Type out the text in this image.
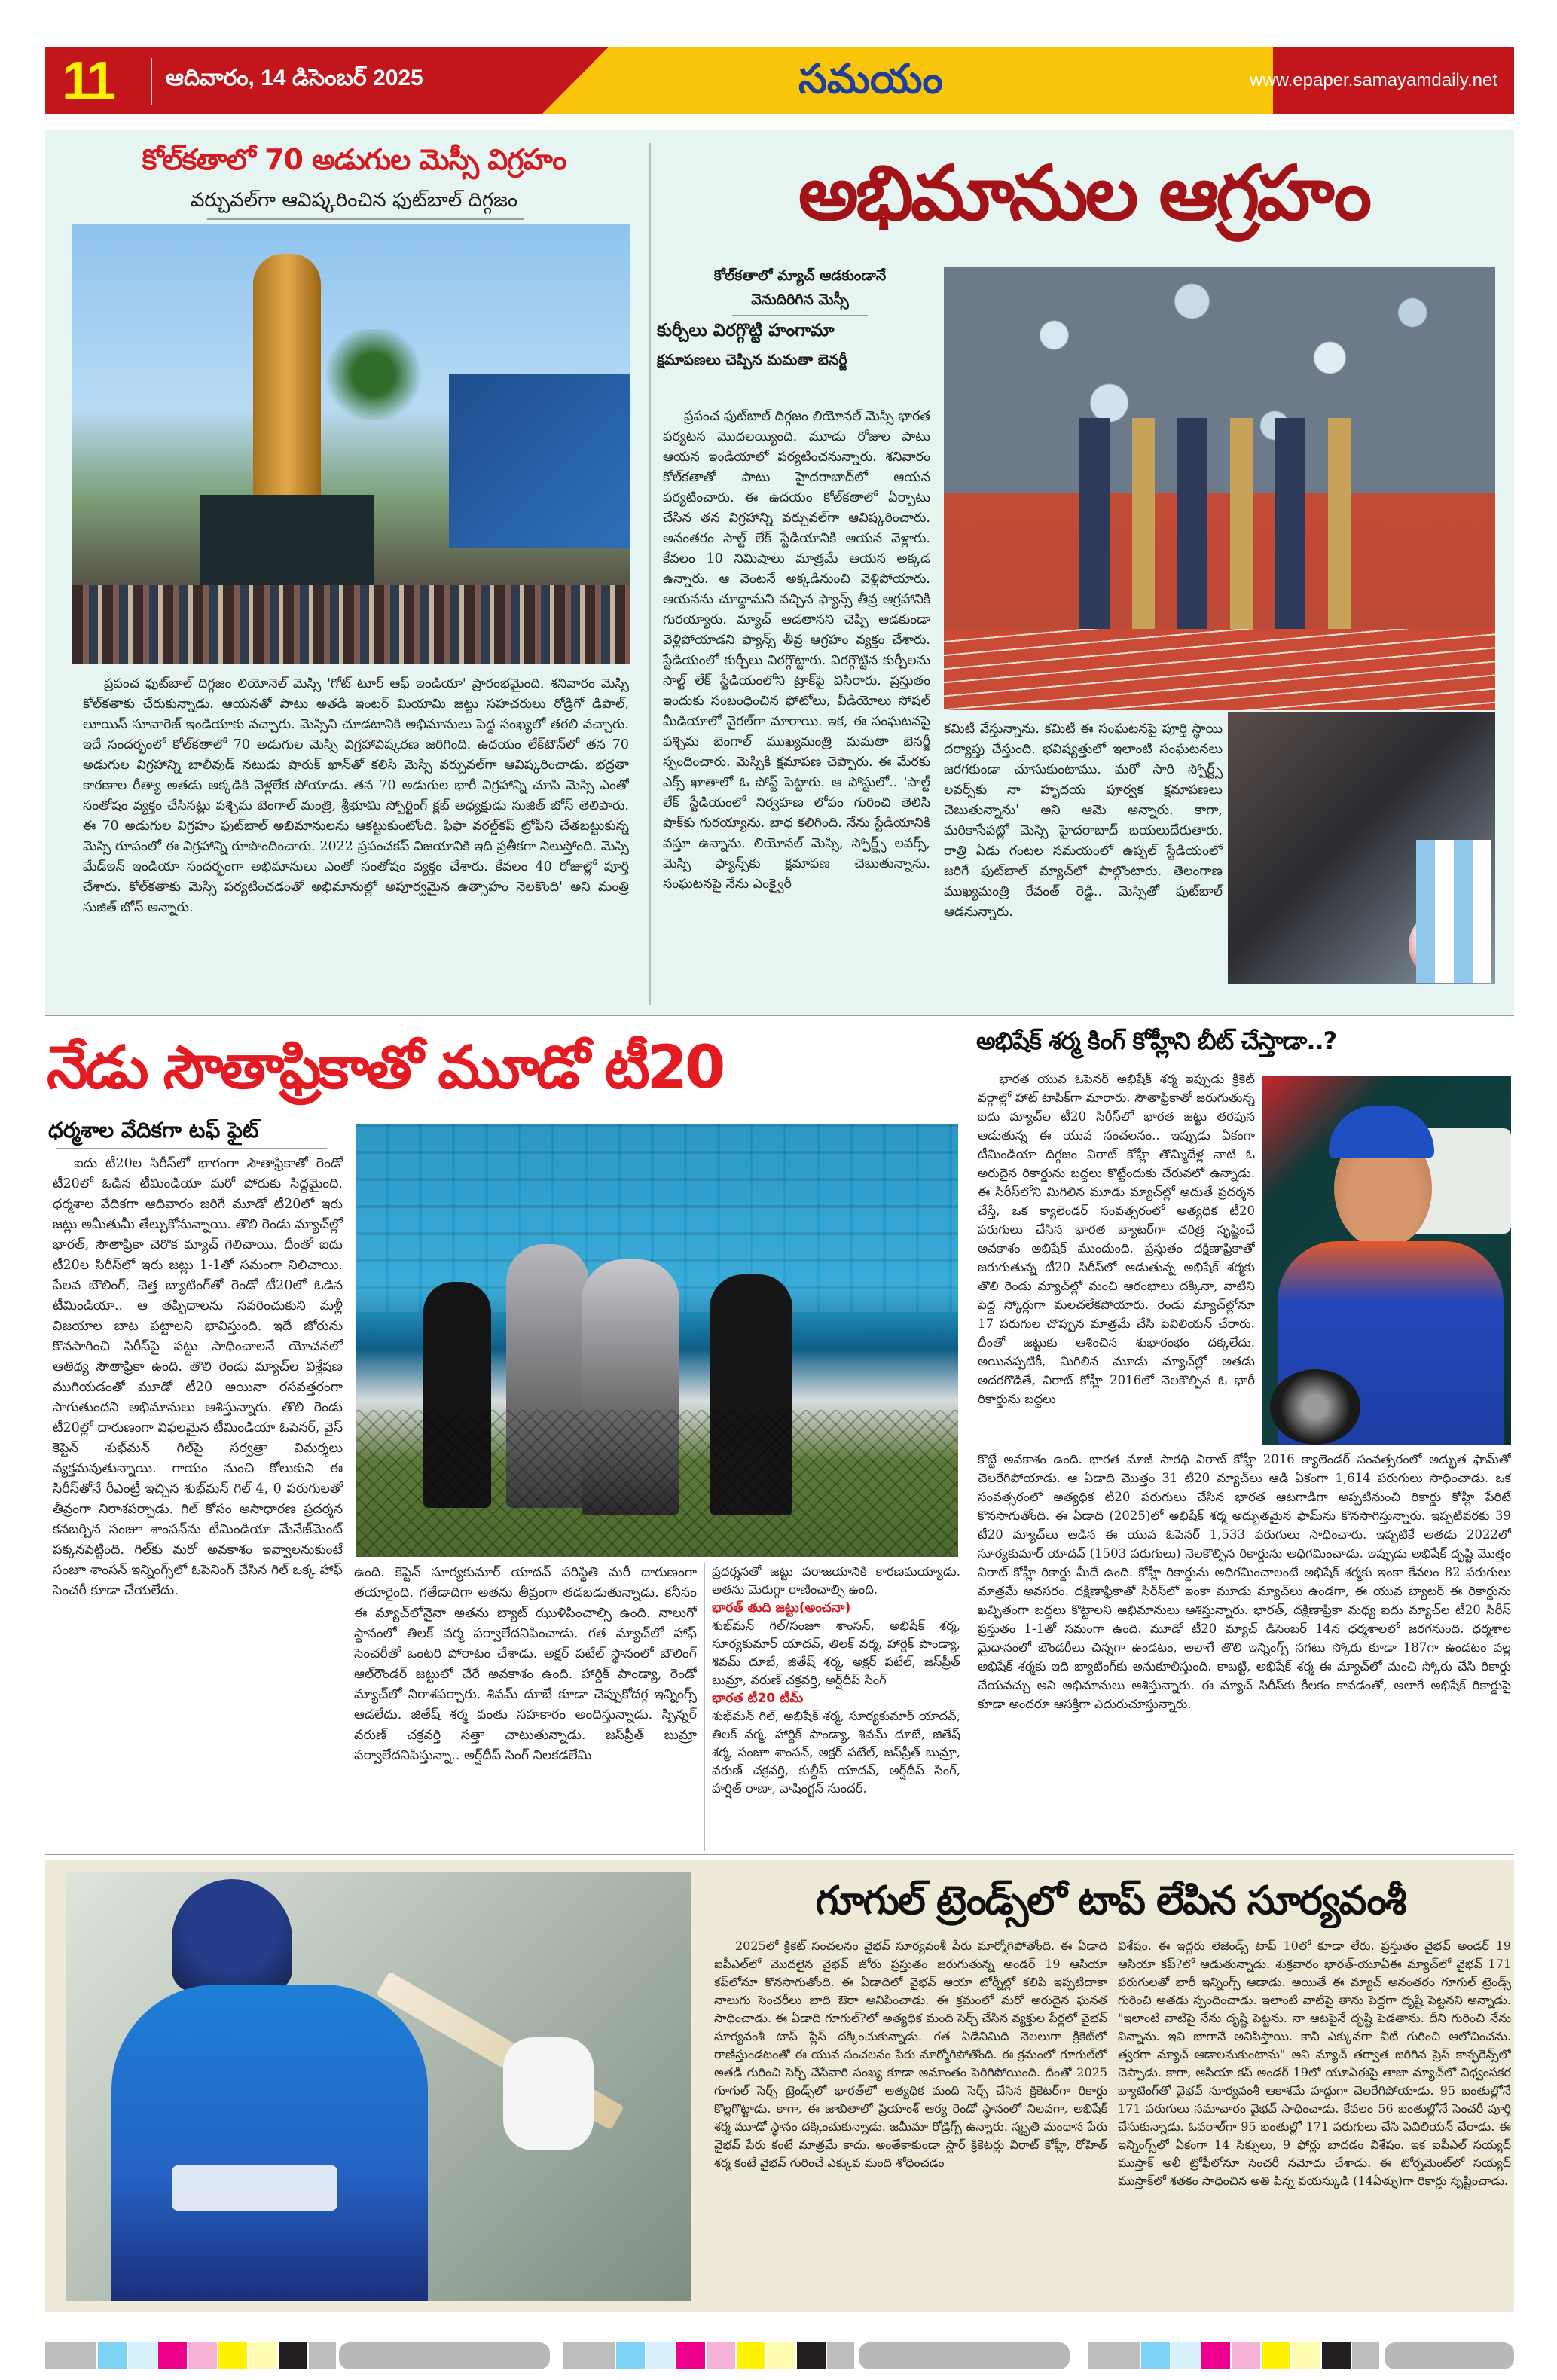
11 ఆదివారం, 14 డిసెంబర్ 2025	సమయం	www.epaper.samayamdaily.net
కోల్‌కతాలో 70 అడుగుల మెస్సీ విగ్రహం
వర్చువల్‌గా ఆవిష్కరించిన ఫుట్‌బాల్ దిగ్గజం

ప్రపంచ ఫుట్‌బాల్ దిగ్గజం లియోనెల్ మెస్సి 'గోట్ టూర్ ఆఫ్ ఇండియా' ప్రారంభమైంది. శనివారం మెస్సి కోల్‌కతాకు చేరుకున్నాడు. ఆయనతో పాటు అతడి ఇంటర్ మియామి జట్టు సహచరులు రోడ్రిగో డిపాల్, లూయిస్ సూవారెజ్ ఇండియాకు వచ్చారు. మెస్సిని చూడటానికి అభిమానులు పెద్ద సంఖ్యలో తరలి వచ్చారు. ఇదే సందర్భంలో కోల్‌కతాలో 70 అడుగుల మెస్సి విగ్రహావిష్కరణ జరిగింది. ఉదయం లేక్‌టౌన్‌లో తన 70 అడుగుల విగ్రహాన్ని బాలీవుడ్ నటుడు షారుక్ ఖాన్‌తో కలిసి మెస్సి వర్చువల్‌గా ఆవిష్కరించాడు. భద్రతా కారణాల రీత్యా అతడు అక్కడికి వెళ్లలేక పోయాడు. తన 70 అడుగుల భారీ విగ్రహాన్ని చూసి మెస్సి ఎంతో సంతోషం వ్యక్తం చేసినట్లు పశ్చిమ బెంగాల్ మంత్రి, శ్రీభూమి స్పోర్టింగ్ క్లబ్ అధ్యక్షుడు సుజిత్ బోస్ తెలిపారు. ఈ 70 అడుగుల విగ్రహం ఫుట్‌బాల్ అభిమానులను ఆకట్టుకుంటోంది. ఫిఫా వరల్డ్‌కప్ ట్రోఫీని చేతబట్టుకున్న మెస్సి రూపంలో ఈ విగ్రహాన్ని రూపొందించారు. 2022 ప్రపంచకప్ విజయానికి ఇది ప్రతీకగా నిలుస్తోంది. మెస్సి మేడ్‌ఇన్ ఇండియా సందర్భంగా అభిమానులు ఎంతో సంతోషం వ్యక్తం చేశారు. కేవలం 40 రోజుల్లో పూర్తి చేశారు. కోల్‌కతాకు మెస్సి పర్యటించడంతో అభిమానుల్లో అపూర్వమైన ఉత్సాహం నెలకొంది' అని మంత్రి సుజిత్ బోస్ అన్నారు.

అభిమానుల ఆగ్రహం
కోల్‌కతాలో మ్యాచ్ ఆడకుండానే
వెనుదిరిగిన మెస్సీ
కుర్చీలు విరగ్గొట్టి హంగామా
క్షమాపణలు చెప్పిన మమతా బెనర్జీ

ప్రపంచ ఫుట్‌బాల్ దిగ్గజం లియోనల్ మెస్సి భారత పర్యటన మొదలయ్యింది. మూడు రోజుల పాటు ఆయన ఇండియాలో పర్యటించనున్నారు. శనివారం కోల్‌కతాతో పాటు హైదరాబాద్‌లో ఆయన పర్యటించారు. ఈ ఉదయం కోల్‌కతాలో ఏర్పాటు చేసిన తన విగ్రహాన్ని వర్చువల్‌గా ఆవిష్కరించారు. అనంతరం సాల్ట్ లేక్ స్టేడియానికి ఆయన వెళ్లారు. కేవలం 10 నిమిషాలు మాత్రమే ఆయన అక్కడ ఉన్నారు. ఆ వెంటనే అక్కడినుంచి వెళ్లిపోయారు. ఆయనను చూద్దామని వచ్చిన ఫ్యాన్స్ తీవ్ర ఆగ్రహానికి గురయ్యారు. మ్యాచ్ ఆడతానని చెప్పి ఆడకుండా వెళ్లిపోయాడని ఫ్యాన్స్ తీవ్ర ఆగ్రహం వ్యక్తం చేశారు. స్టేడియంలో కుర్చీలు విరగ్గొట్టారు. విరగ్గొట్టిన కుర్చీలను సాల్ట్ లేక్ స్టేడియంలోని ట్రాక్‌పై విసిరారు. ప్రస్తుతం ఇందుకు సంబంధించిన ఫోటోలు, వీడియోలు సోషల్ మీడియాలో వైరల్‌గా మారాయి. ఇక, ఈ సంఘటనపై పశ్చిమ బెంగాల్ ముఖ్యమంత్రి మమతా బెనర్జీ స్పందించారు. మెస్సికి క్షమాపణ చెప్పారు. ఈ మేరకు ఎక్స్ ఖాతాలో ఓ పోస్ట్ పెట్టారు. ఆ పోస్టులో.. 'సాల్ట్ లేక్ స్టేడియంలో నిర్వహణ లోపం గురించి తెలిసి షాక్‌కు గురయ్యాను. బాధ కలిగింది. నేను స్టేడియానికి వస్తూ ఉన్నాను. లియోనల్ మెస్సి, స్పోర్ట్స్ లవర్స్, మెస్సి ఫ్యాన్స్‌కు క్షమాపణ చెబుతున్నాను. సంఘటనపై నేను ఎంక్వైరీ

కమిటీ వేస్తున్నాను. కమిటీ ఈ సంఘటనపై పూర్తి స్థాయి దర్యాప్తు చేస్తుంది. భవిష్యత్తులో ఇలాంటి సంఘటనలు జరగకుండా చూసుకుంటాము. మరో సారి స్పోర్ట్స్ లవర్స్‌కు నా హృదయ పూర్వక క్షమాపణలు చెబుతున్నాను' అని ఆమె అన్నారు. కాగా, మరికాసేపట్లో మెస్సి హైదరాబాద్ బయలుదేరుతారు. రాత్రి ఏడు గంటల సమయంలో ఉప్పల్ స్టేడియంలో జరిగే ఫుట్‌బాల్ మ్యాచ్‌లో పాల్గొంటారు. తెలంగాణ ముఖ్యమంత్రి రేవంత్ రెడ్డి.. మెస్సితో ఫుట్‌బాల్ ఆడనున్నారు.

నేడు సౌతాఫ్రికాతో మూడో టీ20
ధర్మశాల వేదికగా టఫ్ ఫైట్

ఐదు టీ20ల సిరీస్‌లో భాగంగా సౌతాఫ్రికాతో రెండో టీ20లో ఓడిన టీమిండియా మరో పోరుకు సిద్ధమైంది. ధర్మశాల వేదికగా ఆదివారం జరిగే మూడో టీ20లో ఇరు జట్లు అమీతుమీ తేల్చుకోనున్నాయి. తొలి రెండు మ్యాచ్‌ల్లో భారత్, సౌతాఫ్రికా చెరొక మ్యాచ్ గెలిచాయి. దీంతో ఐదు టీ20ల సిరీస్‌లో ఇరు జట్లు 1-1తో సమంగా నిలిచాయి. పేలవ బౌలింగ్, చెత్త బ్యాటింగ్‌తో రెండో టీ20లో ఓడిన టీమిండియా.. ఆ తప్పిదాలను సవరించుకుని మళ్లీ విజయాల బాట పట్టాలని భావిస్తుంది. ఇదే జోరును కొనసాగించి సిరీస్‌పై పట్టు సాధించాలనే యోచనలో ఆతిథ్య సౌతాఫ్రికా ఉంది. తొలి రెండు మ్యాచ్‌ల విశ్లేషణ ముగియడంతో మూడో టీ20 అయినా రసవత్తరంగా సాగుతుందని అభిమానులు ఆశిస్తున్నారు. తొలి రెండు టీ20ల్లో దారుణంగా విఫలమైన టీమిండియా ఓపెనర్, వైస్ కెప్టెన్ శుభ్‌మన్ గిల్‌పై సర్వత్రా విమర్శలు వ్యక్తమవుతున్నాయి. గాయం నుంచి కోలుకుని ఈ సిరీస్‌తోనే రీఎంట్రీ ఇచ్చిన శుభ్‌మన్ గిల్ 4, 0 పరుగులతో తీవ్రంగా నిరాశపర్చాడు. గిల్ కోసం అసాధారణ ప్రదర్శన కనబర్చిన సంజూ శాంసన్‌ను టీమిండియా మేనేజ్‌మెంట్ పక్కనపెట్టింది. గిల్‌కు మరో అవకాశం ఇవ్వాలనుకుంటే సంజూ శాంసన్ ఇన్నింగ్స్‌లో ఓపెనింగ్ చేసిన గిల్ ఒక్క హాఫ్ సెంచరీ కూడా చేయలేదు.

ఉంది. కెప్టెన్ సూర్యకుమార్ యాదవ్ పరిస్థితి మరీ దారుణంగా తయారైంది. గతేడాదిగా అతను తీవ్రంగా తడబడుతున్నాడు. కనీసం ఈ మ్యాచ్‌లోనైనా అతను బ్యాట్ ఝుళిపించాల్సి ఉంది. నాలుగో స్థానంలో తిలక్ వర్మ పర్వాలేదనిపించాడు. గత మ్యాచ్‌లో హాఫ్ సెంచరీతో ఒంటరి పోరాటం చేశాడు. అక్షర్ పటేల్ స్థానంలో బౌలింగ్ ఆల్‌రౌండర్ జట్టులో చేరే అవకాశం ఉంది. హార్దిక్ పాండ్యా, రెండో మ్యాచ్‌లో నిరాశపర్చారు. శివమ్ దూబే కూడా చెప్పుకోదగ్గ ఇన్నింగ్స్ ఆడలేదు. జితేష్ శర్మ వంతు సహకారం అందిస్తున్నాడు. స్పిన్నర్ వరుణ్ చక్రవర్తి సత్తా చాటుతున్నాడు. జస్‌ప్రీత్ బుమ్రా పర్వాలేదనిపిస్తున్నా.. అర్ష్‌దీప్ సింగ్ నిలకడలేమి

ప్రదర్శనతో జట్టు పరాజయానికి కారణమయ్యాడు. అతను మెరుగ్గా రాణించాల్సి ఉంది.

భారత్ తుది జట్టు(అంచనా)

శుభ్‌మన్ గిల్/సంజూ శాంసన్, అభిషేక్ శర్మ, సూర్యకుమార్ యాదవ్, తిలక్ వర్మ, హార్దిక్ పాండ్యా, శివమ్ దూబే, జితేష్ శర్మ, అక్షర్ పటేల్, జస్‌ప్రీత్ బుమ్రా, వరుణ్ చక్రవర్తి, అర్ష్‌దీప్ సింగ్

భారత టీ20 టీమ్

శుభ్‌మన్ గిల్, అభిషేక్ శర్మ, సూర్యకుమార్ యాదవ్, తిలక్ వర్మ, హార్దిక్ పాండ్యా, శివమ్ దూబే, జితేష్ శర్మ, సంజూ శాంసన్, అక్షర్ పటేల్, జస్‌ప్రీత్ బుమ్రా, వరుణ్ చక్రవర్తి, కుల్దీప్ యాదవ్, అర్ష్‌దీప్ సింగ్, హర్షిత్ రాణా, వాషింగ్టన్ సుందర్.

అభిషేక్ శర్మ కింగ్ కోహ్లీని బీట్ చేస్తాడా..?

భారత యువ ఓపెనర్ అభిషేక్ శర్మ ఇప్పుడు క్రికెట్ వర్గాల్లో హాట్ టాపిక్‌గా మారారు. సౌతాఫ్రికాతో జరుగుతున్న ఐదు మ్యాచ్‌ల టీ20 సిరీస్‌లో భారత జట్టు తరఫున ఆడుతున్న ఈ యువ సంచలనం.. ఇప్పుడు ఏకంగా టీమిండియా దిగ్గజం విరాట్ కోహ్లీ తొమ్మిదేళ్ల నాటి ఓ అరుదైన రికార్డును బద్దలు కొట్టేందుకు చేరువలో ఉన్నాడు. ఈ సిరీస్‌లోని మిగిలిన మూడు మ్యాచ్‌ల్లో అదుతే ప్రదర్శన చేస్తే, ఒక క్యాలెండర్ సంవత్సరంలో అత్యధిక టీ20 పరుగులు చేసిన భారత బ్యాటర్‌గా చరిత్ర సృష్టించే అవకాశం అభిషేక్ ముందుంది. ప్రస్తుతం దక్షిణాఫ్రికాతో జరుగుతున్న టీ20 సిరీస్‌లో ఆడుతున్న అభిషేక్ శర్మకు తొలి రెండు మ్యాచ్‌ల్లో మంచి ఆరంభాలు దక్కినా, వాటిని పెద్ద స్కోర్లుగా మలచలేకపోయారు. రెండు మ్యాచ్‌ల్లోనూ 17 పరుగుల చొప్పున మాత్రమే చేసి పెవిలియన్ చేరారు. దీంతో జట్టుకు ఆశించిన శుభారంభం దక్కలేదు. అయినప్పటికీ, మిగిలిన మూడు మ్యాచ్‌ల్లో అతడు అదరగొడితే, విరాట్ కోహ్లీ 2016లో నెలకొల్పిన ఓ భారీ రికార్డును బద్దలు

కొట్టే అవకాశం ఉంది. భారత మాజీ సారథి విరాట్ కోహ్లీ 2016 క్యాలెండర్ సంవత్సరంలో అద్భుత ఫామ్‌తో చెలరేగిపోయాడు. ఆ ఏడాది మొత్తం 31 టీ20 మ్యాచ్‌లు ఆడి ఏకంగా 1,614 పరుగులు సాధించాడు. ఒక సంవత్సరంలో అత్యధిక టీ20 పరుగులు చేసిన భారత ఆటగాడిగా అప్పటినుంచి రికార్డు కోహ్లీ పేరిటే కొనసాగుతోంది. ఈ ఏడాది (2025)లో అభిషేక్ శర్మ అద్భుతమైన ఫామ్‌ను కొనసాగిస్తున్నారు. ఇప్పటివరకు 39 టీ20 మ్యాచ్‌లు ఆడిన ఈ యువ ఓపెనర్ 1,533 పరుగులు సాధించారు. ఇప్పటికే అతడు 2022లో సూర్యకుమార్ యాదవ్ (1503 పరుగులు) నెలకొల్పిన రికార్డును అధిగమించాడు. ఇప్పుడు అభిషేక్ ద‌ృష్టి మొత్తం విరాట్ కోహ్లీ రికార్డు మీదే ఉంది. కోహ్లీ రికార్డును అధిగమించాలంటే అభిషేక్ శర్మకు ఇంకా కేవలం 82 పరుగులు మాత్రమే అవసరం. దక్షిణాఫ్రికాతో సిరీస్‌లో ఇంకా మూడు మ్యాచ్‌లు ఉండగా, ఈ యువ బ్యాటర్ ఈ రికార్డును ఖచ్చితంగా బద్దలు కొట్టాలని అభిమానులు ఆశిస్తున్నారు. భారత్, దక్షిణాఫ్రికా మధ్య ఐదు మ్యాచ్‌ల టీ20 సిరీస్ ప్రస్తుతం 1-1తో సమంగా ఉంది. మూడో టీ20 మ్యాచ్ డిసెంబర్ 14న ధర్మశాలలో జరగనుంది. ధర్మశాల మైదానంలో బౌండరీలు చిన్నగా ఉండటం, అలాగే తొలి ఇన్నింగ్స్ సగటు స్కోరు కూడా 187గా ఉండటం వల్ల అభిషేక్ శర్మకు ఇది బ్యాటింగ్‌కు అనుకూలిస్తుంది. కాబట్టి, అభిషేక్ శర్మ ఈ మ్యాచ్‌లో మంచి స్కోరు చేసి రికార్డు చేయవచ్చు అని అభిమానులు ఆశిస్తున్నారు. ఈ మ్యాచ్ సిరీస్‌కు కీలకం కావడంతో, అలాగే అభిషేక్ రికార్డుపై కూడా అందరూ ఆసక్తిగా ఎదురుచూస్తున్నారు.

గూగుల్ ట్రెండ్స్‌లో టాప్ లేపిన సూర్యవంశీ

2025లో క్రికెట్ సంచలనం వైభవ్ సూర్యవంశీ పేరు మార్మోగిపోతోంది. ఈ ఏడాది ఐపీఎల్‌లో మొదలైన వైభవ్ జోరు ప్రస్తుతం జరుగుతున్న అండర్ 19 ఆసియా కప్‌లోనూ కొనసాగుతోంది. ఈ ఏడాదిలో వైభవ్ ఆయా టోర్నీల్లో కలిపి ఇప్పటిదాకా నాలుగు సెంచరీలు బాది ఔరా అనిపించాడు. ఈ క్రమంలో మరో అరుదైన ఘనత సాధించాడు. ఈ ఏడాది గూగుల్?లో అత్యధిక మంది సెర్చ్ చేసిన వ్యక్తుల పేర్లలో వైభవ్ సూర్యవంశీ టాప్ ప్లేస్ దక్కించుకున్నాడు. గత ఏడేనిమిది నెలలుగా క్రికెట్‌లో రాణిస్తుండటంతో ఈ యువ సంచలనం పేరు మార్మోగిపోతోంది. ఈ క్రమంలో గూగుల్‌లో అతడి గురించి సెర్చ్ చేసేవారి సంఖ్య కూడా అమాంతం పెరిగిపోయింది. దీంతో 2025 గూగుల్ సెర్చ్ ట్రెండ్స్‌లో భారత్‌లో అత్యధిక మంది సెర్చ్ చేసిన క్రికెటర్‌గా రికార్డు కొల్లగొట్టాడు. కాగా, ఈ జాబితాలో ప్రియాంశ్ ఆర్య రెండో స్థానంలో నిలవగా, అభిషేక్ శర్మ మూడో స్థానం దక్కించుకున్నాడు. జమీమా రోడ్రిగ్స్ ఉన్నారు. స్మృతి మంధాన పేరు వైభవ్ పేరు కంటే మాత్రమే కాదు. అంతేకాకుండా స్టార్ క్రికెటర్లు విరాట్ కోహ్లీ, రోహిత్ శర్మ కంటే వైభవ్ గురించే ఎక్కువ మంది శోధించడం

విశేషం. ఈ ఇద్దరు లెజెండ్స్ టాప్ 10లో కూడా లేరు. ప్రస్తుతం వైభవ్ అండర్ 19 ఆసియా కప్?లో ఆడుతున్నాడు. శుక్రవారం భారత్-యూఏఈ మ్యాచ్‌లో వైభవ్ 171 పరుగులతో భారీ ఇన్నింగ్స్ ఆడాడు. అయితే ఈ మ్యాచ్ అనంతరం గూగుల్ ట్రెండ్స్ గురించి అతడు స్పందించాడు. ఇలాంటి వాటిపై తాను పెద్దగా ద‌ృష్టి పెట్టనని అన్నాడు. "ఇలాంటి వాటిపై నేను ద‌ృష్టి పెట్టను. నా ఆటపైనే ద‌ృష్టి పెడతాను. దీని గురించి నేను విన్నాను. ఇవి బాగానే అనిపిస్తాయి. కానీ ఎక్కువగా వీటి గురించి ఆలోచించను. త్వరగా మ్యాచ్ ఆడాలనుకుంటాను" అని మ్యాచ్ తర్వాత జరిగిన ప్రెస్ కాన్ఫరెన్స్‌లో చెప్పాడు. కాగా, ఆసియా కప్ అండర్ 19లో యూఏఈపై తాజా మ్యాచ్‌లో విధ్వంసకర బ్యాటింగ్‌తో వైభవ్ సూర్యవంశీ ఆకాశమే హద్దుగా చెలరేగిపోయాడు. 95 బంతుల్లోనే 171 పరుగులు సమాచారం వైభవ్ సాధించాడు. కేవలం 56 బంతుల్లోనే సెంచరీ పూర్తి చేసుకున్నాడు. ఓవరాల్‌గా 95 బంతుల్లో 171 పరుగులు చేసి పెవిలియన్ చేరాడు. ఈ ఇన్నింగ్స్‌లో ఏకంగా 14 సిక్సులు, 9 ఫోర్లు బాదడం విశేషం. ఇక ఐపీఎల్ సయ్యద్ ముస్తాక్ అలీ ట్రోఫీలోనూ సెంచరీ నమోదు చేశాడు. ఈ టోర్నమెంట్‌లో సయ్యద్ ముస్తాక్‌లో శతకం సాధించిన అతి పిన్న వయస్కుడి (14ఏళ్ళు)గా రికార్డు సృష్టించాడు.
